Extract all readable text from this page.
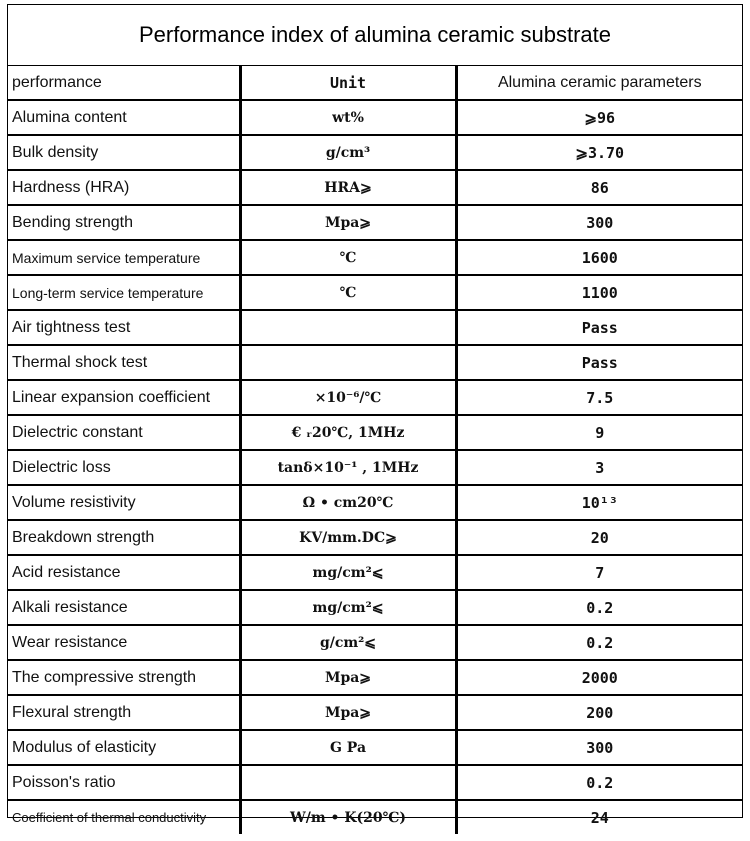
Performance index of alumina ceramic substrate
performance	Unit	Alumina ceramic parameters
Alumina content	wt%	⩾96
Bulk density	g/cm³	⩾3.70
Hardness (HRA)	HRA⩾	86
Bending strength	Mpa⩾	300
Maximum service temperature	℃	1600
Long-term service temperature	℃	1100
Air tightness test		Pass
Thermal shock test		Pass
Linear expansion coefficient	×10⁻⁶/℃	7.5
Dielectric constant	€ ᵣ20℃, 1MHz	9
Dielectric loss	tanδ×10⁻¹ , 1MHz	3
Volume resistivity	Ω • cm20℃	10¹³
Breakdown strength	KV/mm.DC⩾	20
Acid resistance	mg/cm²⩽	7
Alkali resistance	mg/cm²⩽	0.2
Wear resistance	g/cm²⩽	0.2
The compressive strength	Mpa⩾	2000
Flexural strength	Mpa⩾	200
Modulus of elasticity	G Pa	300
Poisson's ratio		0.2
Coefficient of thermal conductivity	W/m • K(20℃)	24
